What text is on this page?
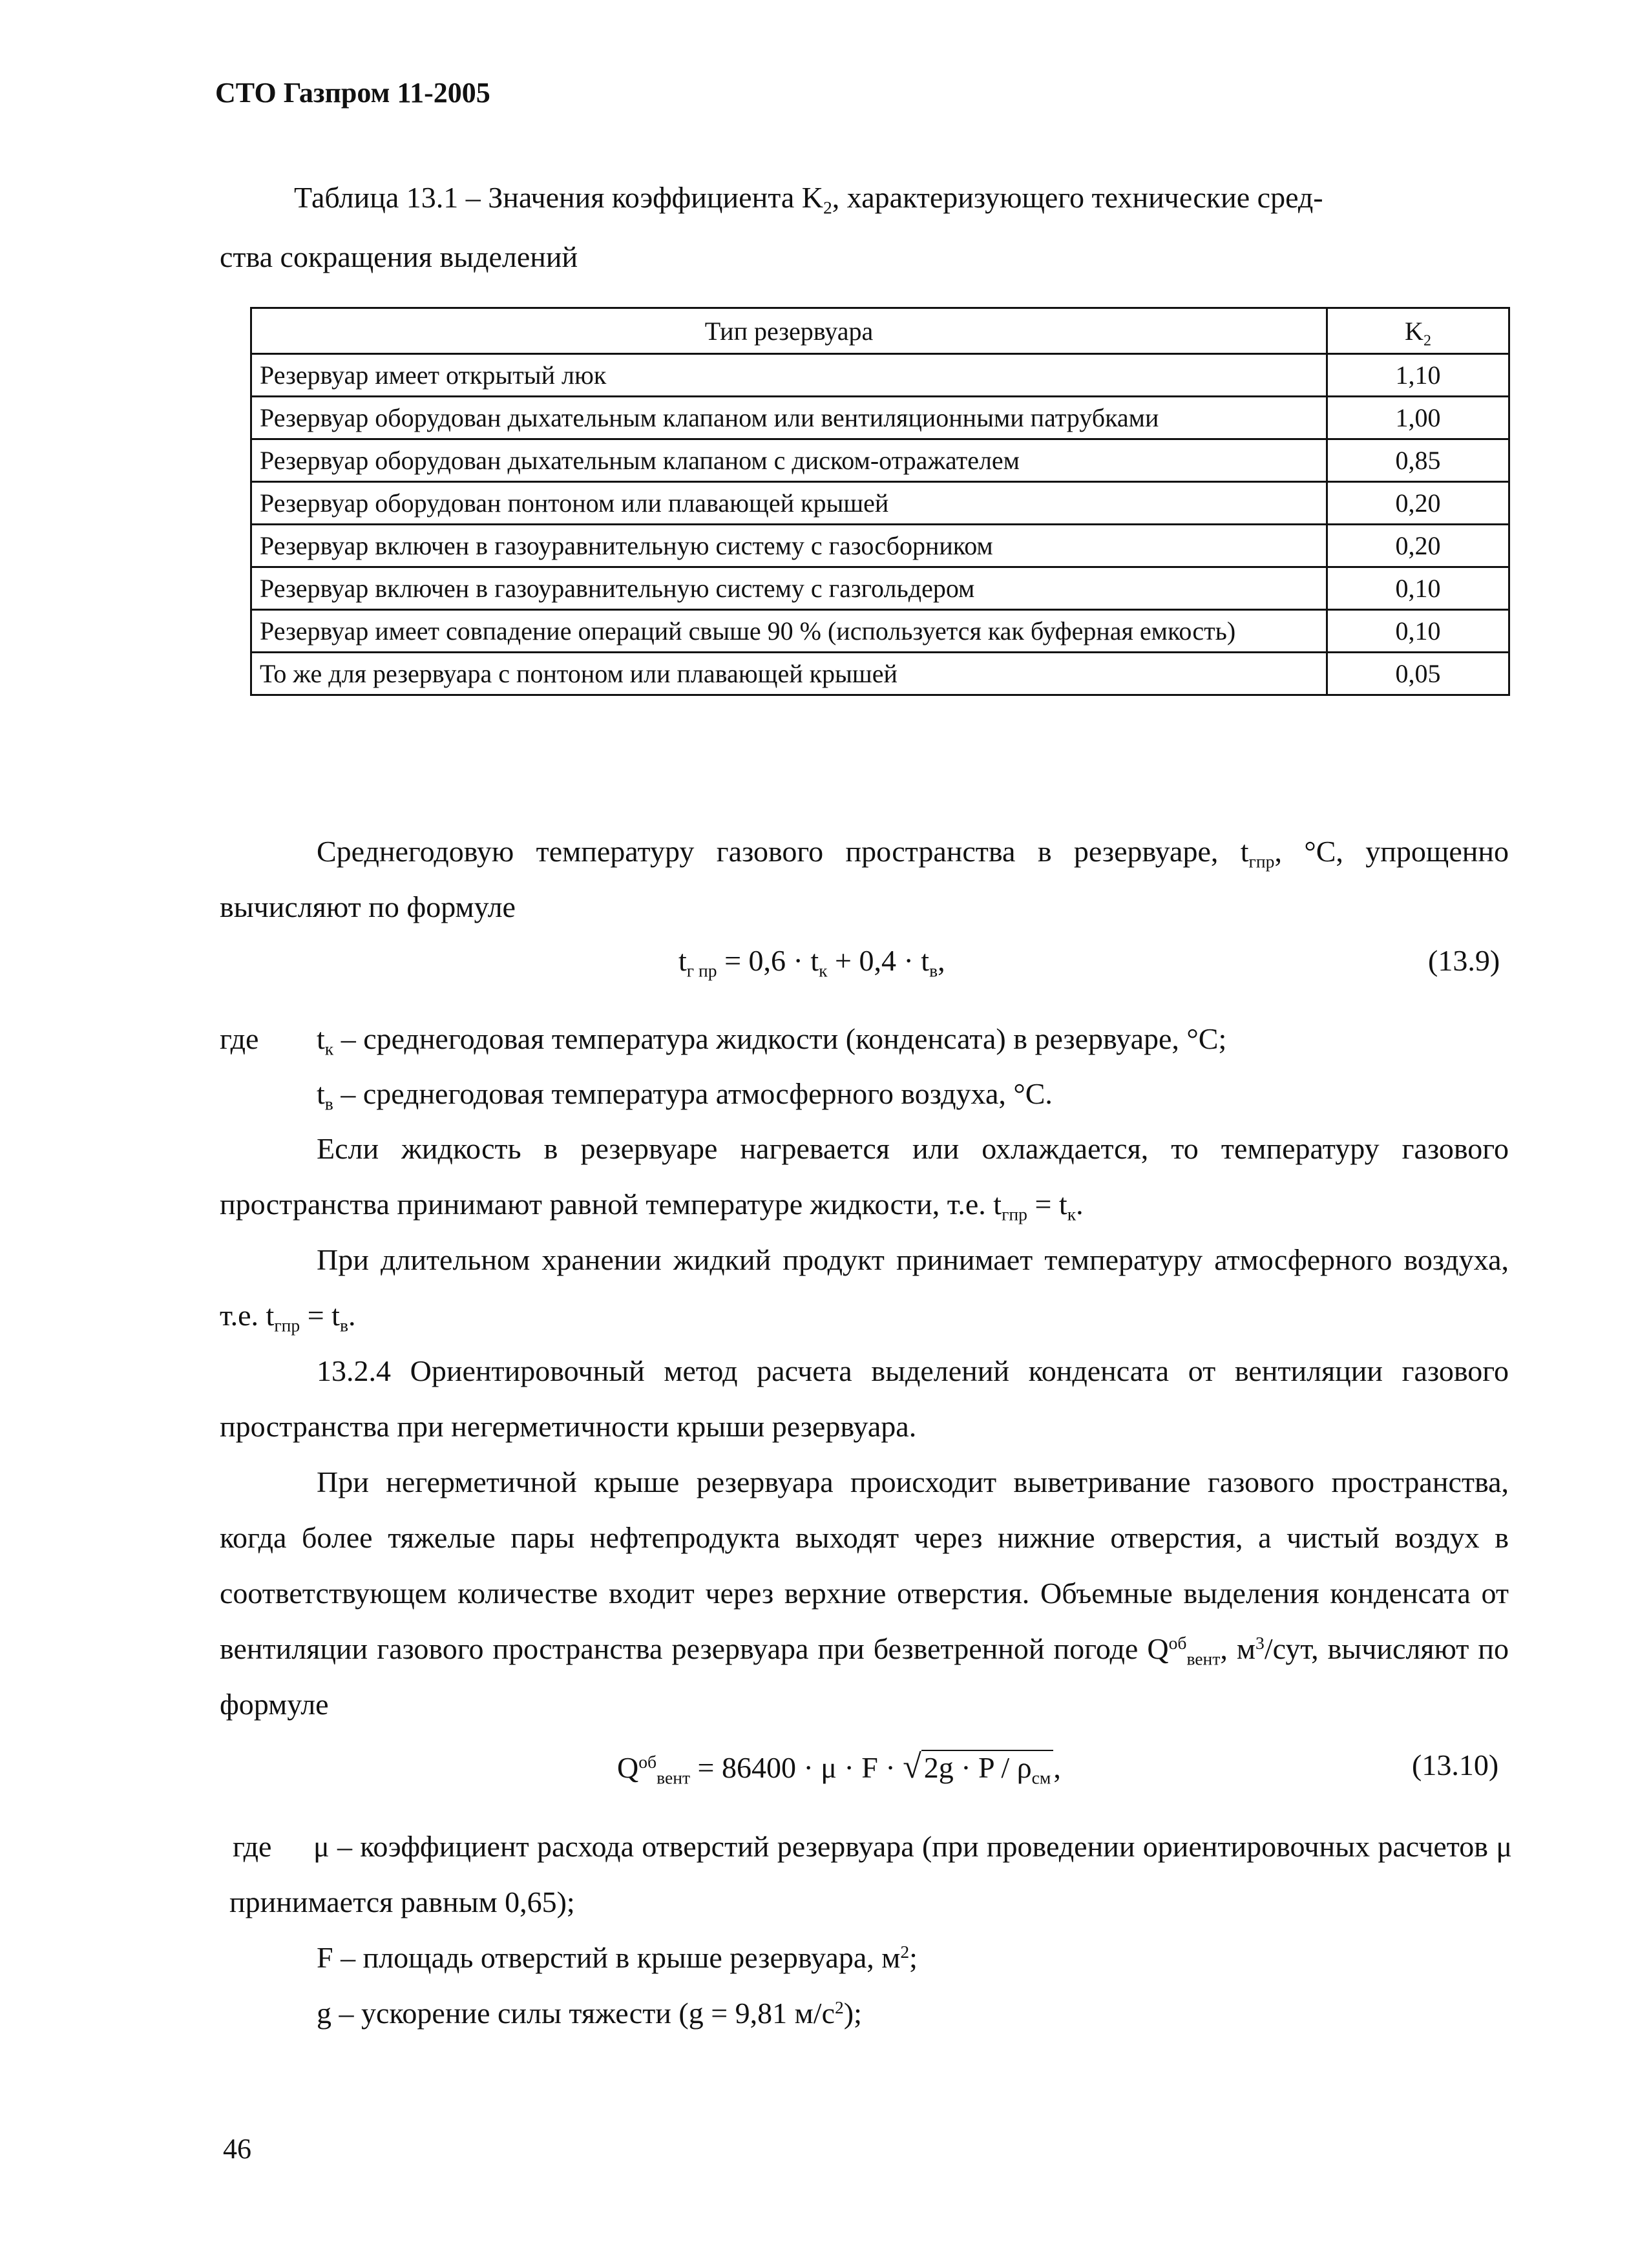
СТО Газпром 11-2005
Таблица 13.1 – Значения коэффициента $K_2$, характеризующего технические сред-
ства сокращения выделений
Тип резервуара	$K_2$
Резервуар имеет открытый люк	1,10
Резервуар оборудован дыхательным клапаном или вентиляционными патрубками	1,00
Резервуар оборудован дыхательным клапаном с диском-отражателем	0,85
Резервуар оборудован понтоном или плавающей крышей	0,20
Резервуар включен в газоуравнительную систему с газосборником	0,20
Резервуар включен в газоуравнительную систему с газгольдером	0,10
Резервуар имеет совпадение операций свыше 90 % (используется как буферная емкость)	0,10
То же для резервуара с понтоном или плавающей крышей	0,05
Среднегодовую температуру газового пространства в резервуаре, $t_{гпр}$, °С, упрощенно вычисляют по формуле
$t_{г пр} = 0,6 \cdot t_к + 0,4 \cdot t_в$,	(13.9)
где $t_к$ – среднегодовая температура жидкости (конденсата) в резервуаре, °С;
$t_в$ – среднегодовая температура атмосферного воздуха, °С.
Если жидкость в резервуаре нагревается или охлаждается, то температуру газового пространства принимают равной температуре жидкости, т.е. $t_{гпр} = t_к$.
При длительном хранении жидкий продукт принимает температуру атмосферного воздуха, т.е. $t_{гпр} = t_в$.
13.2.4 Ориентировочный метод расчета выделений конденсата от вентиляции газового пространства при негерметичности крыши резервуара.
При негерметичной крыше резервуара происходит выветривание газового пространства, когда более тяжелые пары нефтепродукта выходят через нижние отверстия, а чистый воздух в соответствующем количестве входит через верхние отверстия. Объемные выделения конденсата от вентиляции газового пространства резервуара при безветренной погоде $Q^{об}_{вент}$, $м^3$/сут, вычисляют по формуле
$Q^{об}_{вент} = 86400 \cdot \mu \cdot F \cdot √2g \cdot P / \rho_{см}$,	(13.10)
где	μ – коэффициент расхода отверстий резервуара (при проведении ориентировочных расчетов μ принимается равным 0,65);
F – площадь отверстий в крыше резервуара, $м^2$;
g – ускорение силы тяжести (g = 9,81 $м/с^2$);
46
